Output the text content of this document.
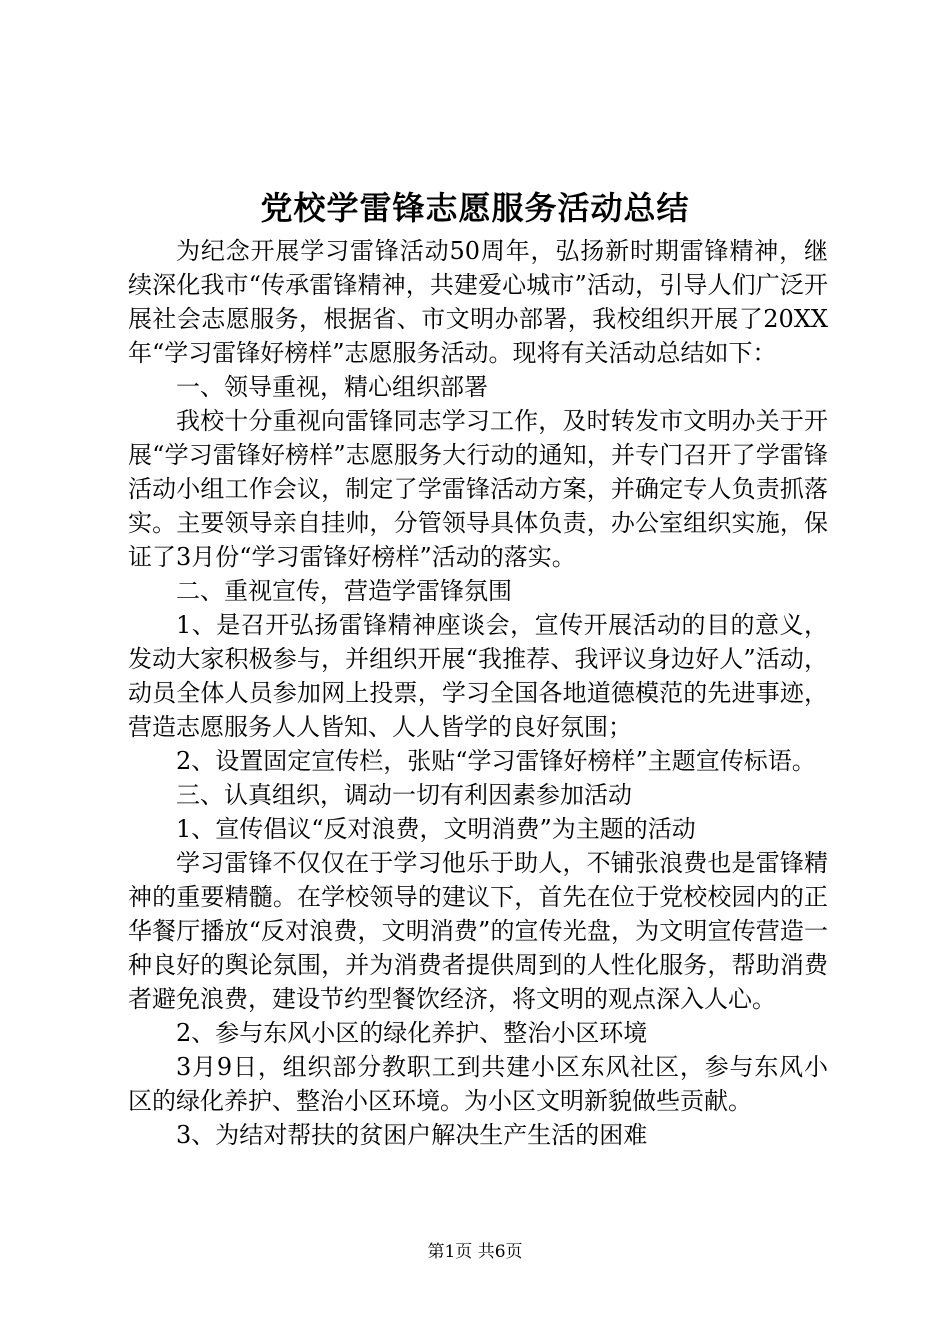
党校学雷锋志愿服务活动总结

为纪念开展学习雷锋活动50周年，弘扬新时期雷锋精神，继续深化我市“传承雷锋精神，共建爱心城市”活动，引导人们广泛开展社会志愿服务，根据省、市文明办部署，我校组织开展了20XX年“学习雷锋好榜样”志愿服务活动。现将有关活动总结如下：

一、领导重视，精心组织部署

我校十分重视向雷锋同志学习工作，及时转发市文明办关于开展“学习雷锋好榜样”志愿服务大行动的通知，并专门召开了学雷锋活动小组工作会议，制定了学雷锋活动方案，并确定专人负责抓落实。主要领导亲自挂帅，分管领导具体负责，办公室组织实施，保证了3月份“学习雷锋好榜样”活动的落实。

二、重视宣传，营造学雷锋氛围

1、是召开弘扬雷锋精神座谈会，宣传开展活动的目的意义，发动大家积极参与，并组织开展“我推荐、我评议身边好人”活动，动员全体人员参加网上投票，学习全国各地道德模范的先进事迹，营造志愿服务人人皆知、人人皆学的良好氛围；

2、设置固定宣传栏，张贴“学习雷锋好榜样”主题宣传标语。

三、认真组织，调动一切有利因素参加活动

1、宣传倡议“反对浪费，文明消费”为主题的活动

学习雷锋不仅仅在于学习他乐于助人，不铺张浪费也是雷锋精神的重要精髓。在学校领导的建议下，首先在位于党校校园内的正华餐厅播放“反对浪费，文明消费”的宣传光盘，为文明宣传营造一种良好的舆论氛围，并为消费者提供周到的人性化服务，帮助消费者避免浪费，建设节约型餐饮经济，将文明的观点深入人心。

2、参与东风小区的绿化养护、整治小区环境

3月9日，组织部分教职工到共建小区东风社区，参与东风小区的绿化养护、整治小区环境。为小区文明新貌做些贡献。

3、为结对帮扶的贫困户解决生产生活的困难

第1页 共6页
